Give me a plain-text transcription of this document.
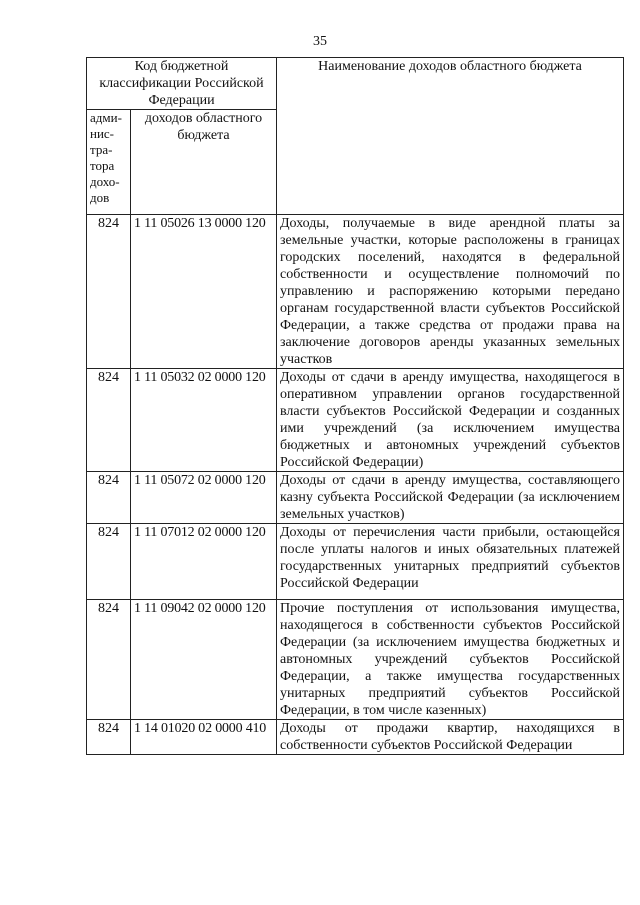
35
Код бюджетной классификации Российской Федерации		Наименование доходов областного бюджета
адми-нис-тра-тора дохо-дов	доходов областного бюджета	
824	1 11 05026 13 0000 120	Доходы, получаемые в виде арендной платы за земельные участки, которые расположены в границах городских поселений, находятся в федеральной собственности и осуществление полномочий по управлению и распоряжению которыми передано органам государственной власти субъектов Российской Федерации, а также средства от продажи права на заключение договоров аренды указанных земельных участков
824	1 11 05032 02 0000 120	Доходы от сдачи в аренду имущества, находящегося в оперативном управлении органов государственной власти субъектов Российской Федерации и созданных ими учреждений (за исключением имущества бюджетных и автономных учреждений субъектов Российской Федерации)
824	1 11 05072 02 0000 120	Доходы от сдачи в аренду имущества, составляющего казну субъекта Российской Федерации (за исключением земельных участков)
824	1 11 07012 02 0000 120	Доходы от перечисления части прибыли, остающейся после уплаты налогов и иных обязательных платежей государственных унитарных предприятий субъектов Российской Федерации
824	1 11 09042 02 0000 120	Прочие поступления от использования имущества, находящегося в собственности субъектов Российской Федерации (за исключением имущества бюджетных и автономных учреждений субъектов Российской Федерации, а также имущества государственных унитарных предприятий субъектов Российской Федерации, в том числе казенных)
824	1 14 01020 02 0000 410	Доходы от продажи квартир, находящихся в собственности субъектов Российской Федерации
